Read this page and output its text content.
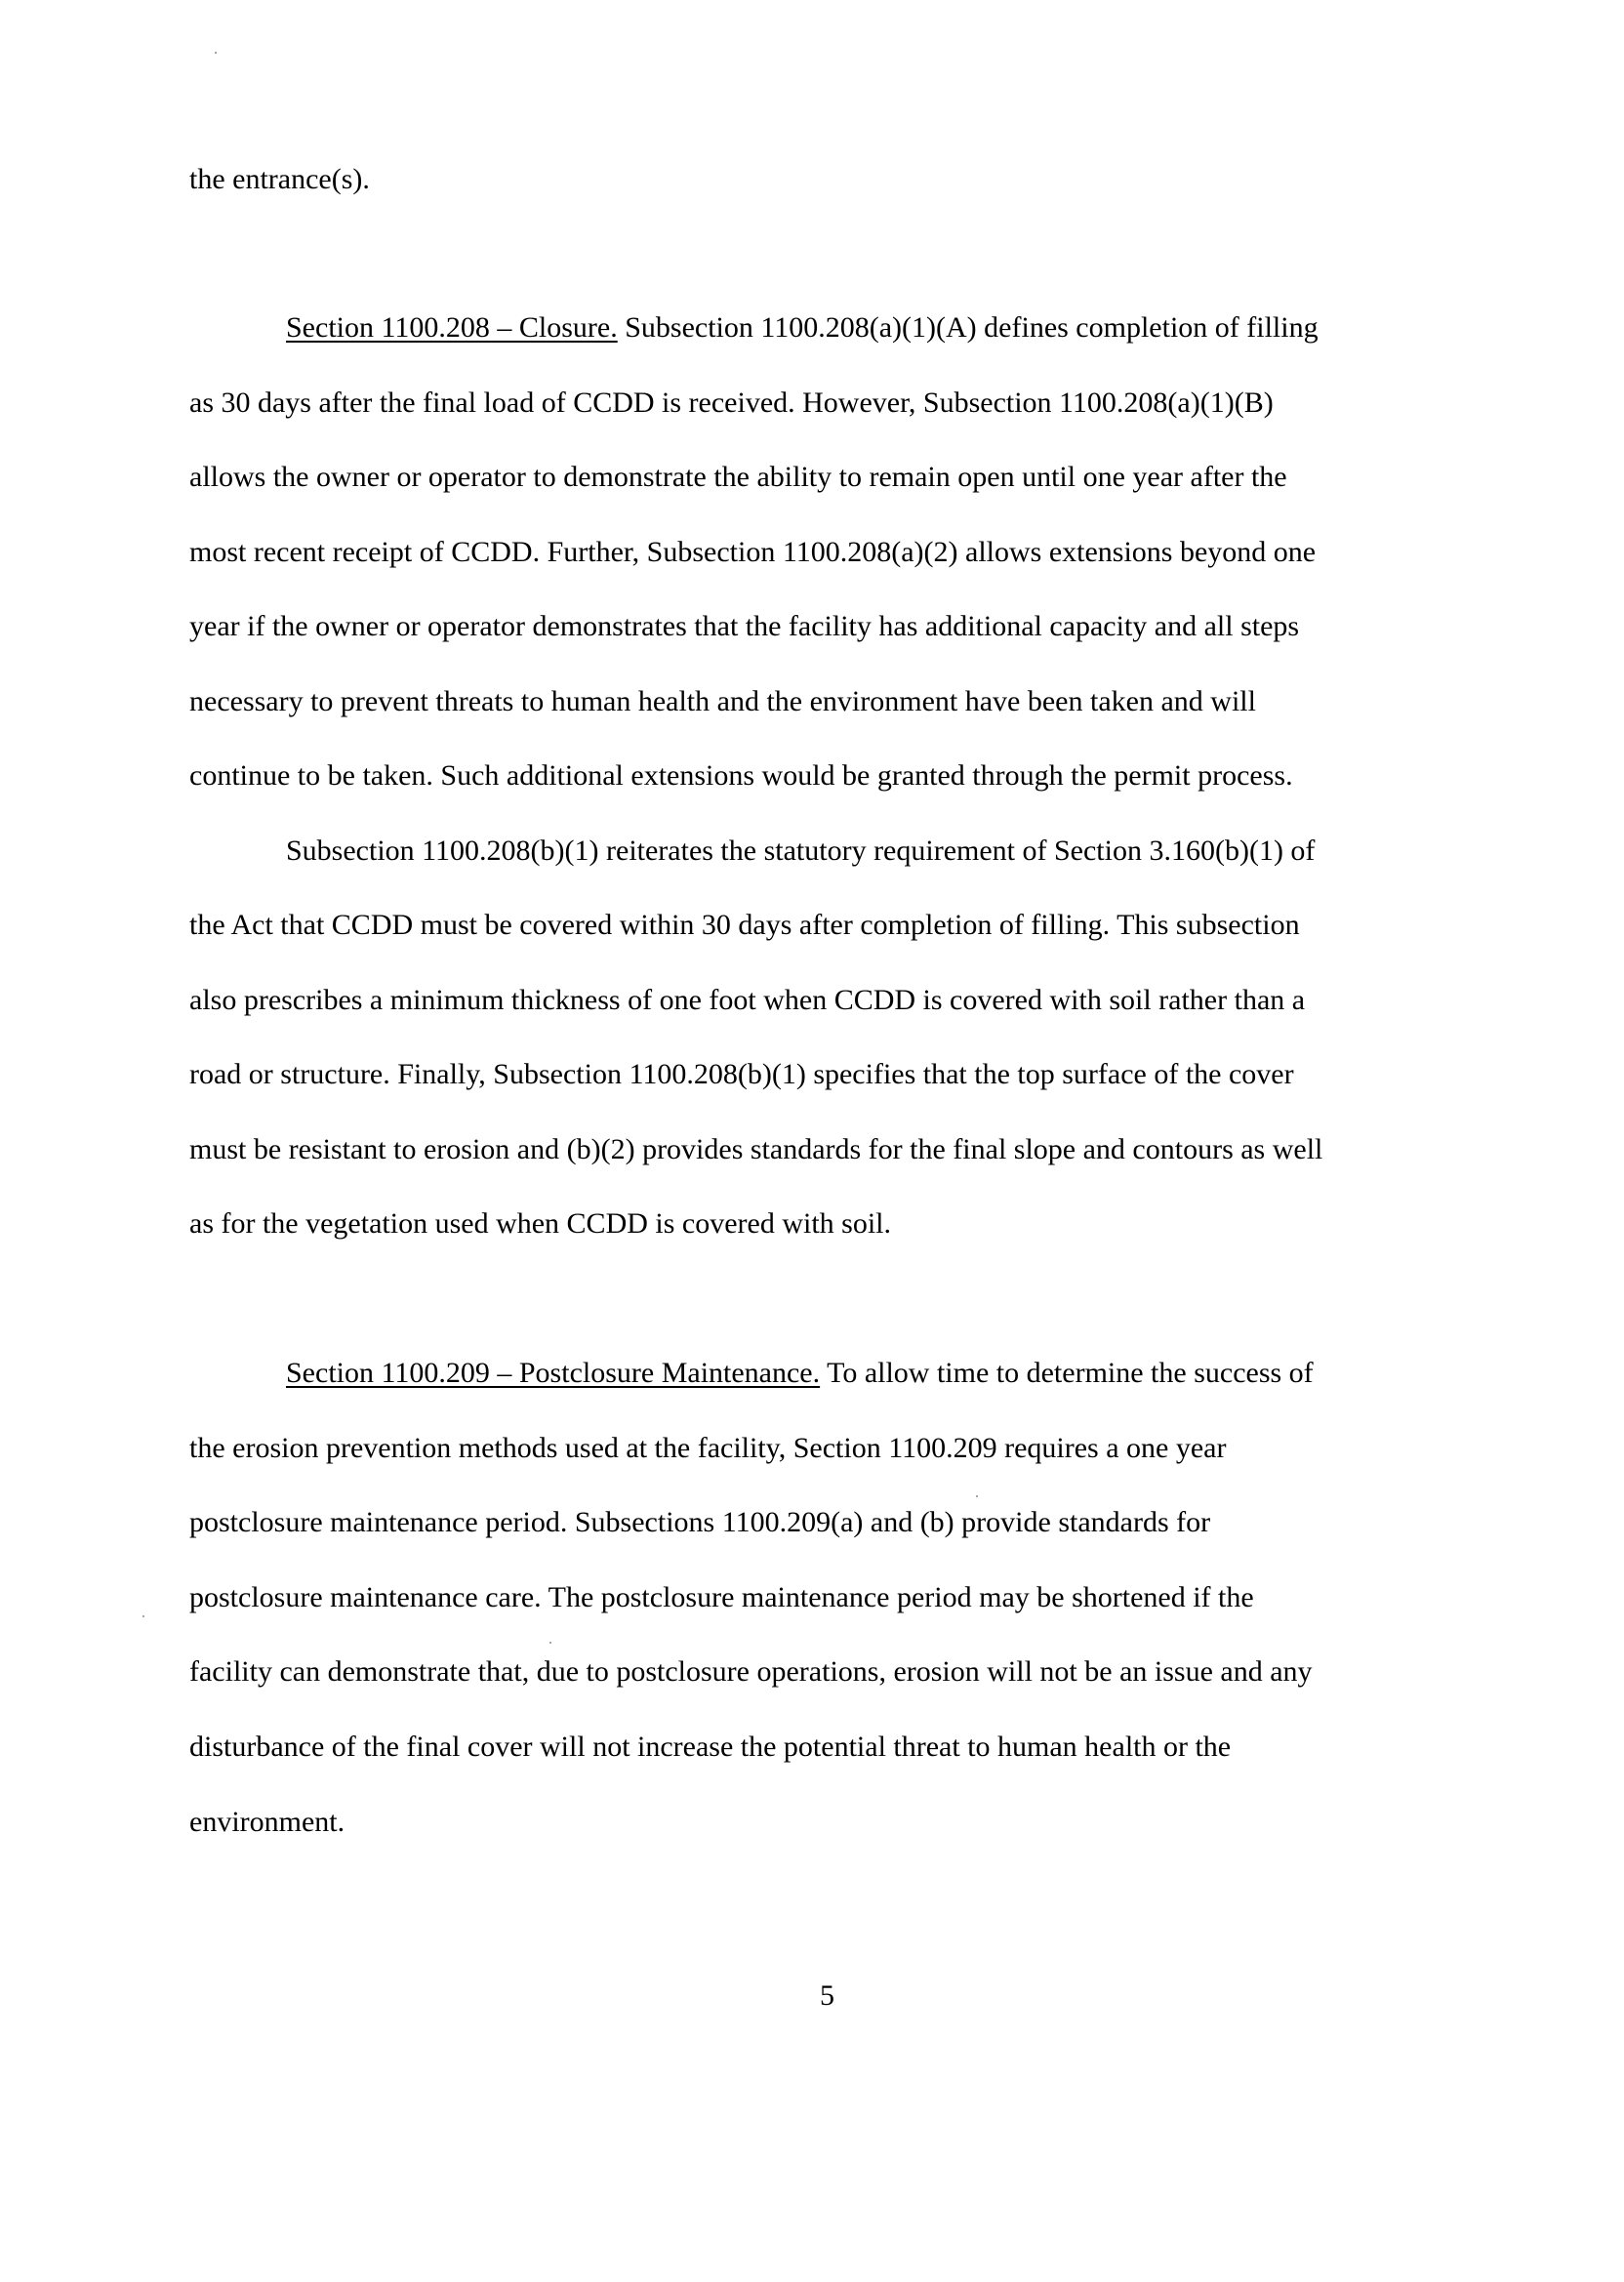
the entrance(s).
Section 1100.208 – Closure. Subsection 1100.208(a)(1)(A) defines completion of filling
as 30 days after the final load of CCDD is received. However, Subsection 1100.208(a)(1)(B)
allows the owner or operator to demonstrate the ability to remain open until one year after the
most recent receipt of CCDD. Further, Subsection 1100.208(a)(2) allows extensions beyond one
year if the owner or operator demonstrates that the facility has additional capacity and all steps
necessary to prevent threats to human health and the environment have been taken and will
continue to be taken. Such additional extensions would be granted through the permit process.
Subsection 1100.208(b)(1) reiterates the statutory requirement of Section 3.160(b)(1) of
the Act that CCDD must be covered within 30 days after completion of filling. This subsection
also prescribes a minimum thickness of one foot when CCDD is covered with soil rather than a
road or structure. Finally, Subsection 1100.208(b)(1) specifies that the top surface of the cover
must be resistant to erosion and (b)(2) provides standards for the final slope and contours as well
as for the vegetation used when CCDD is covered with soil.
Section 1100.209 – Postclosure Maintenance. To allow time to determine the success of
the erosion prevention methods used at the facility, Section 1100.209 requires a one year
postclosure maintenance period. Subsections 1100.209(a) and (b) provide standards for
postclosure maintenance care. The postclosure maintenance period may be shortened if the
facility can demonstrate that, due to postclosure operations, erosion will not be an issue and any
disturbance of the final cover will not increase the potential threat to human health or the
environment.
5
